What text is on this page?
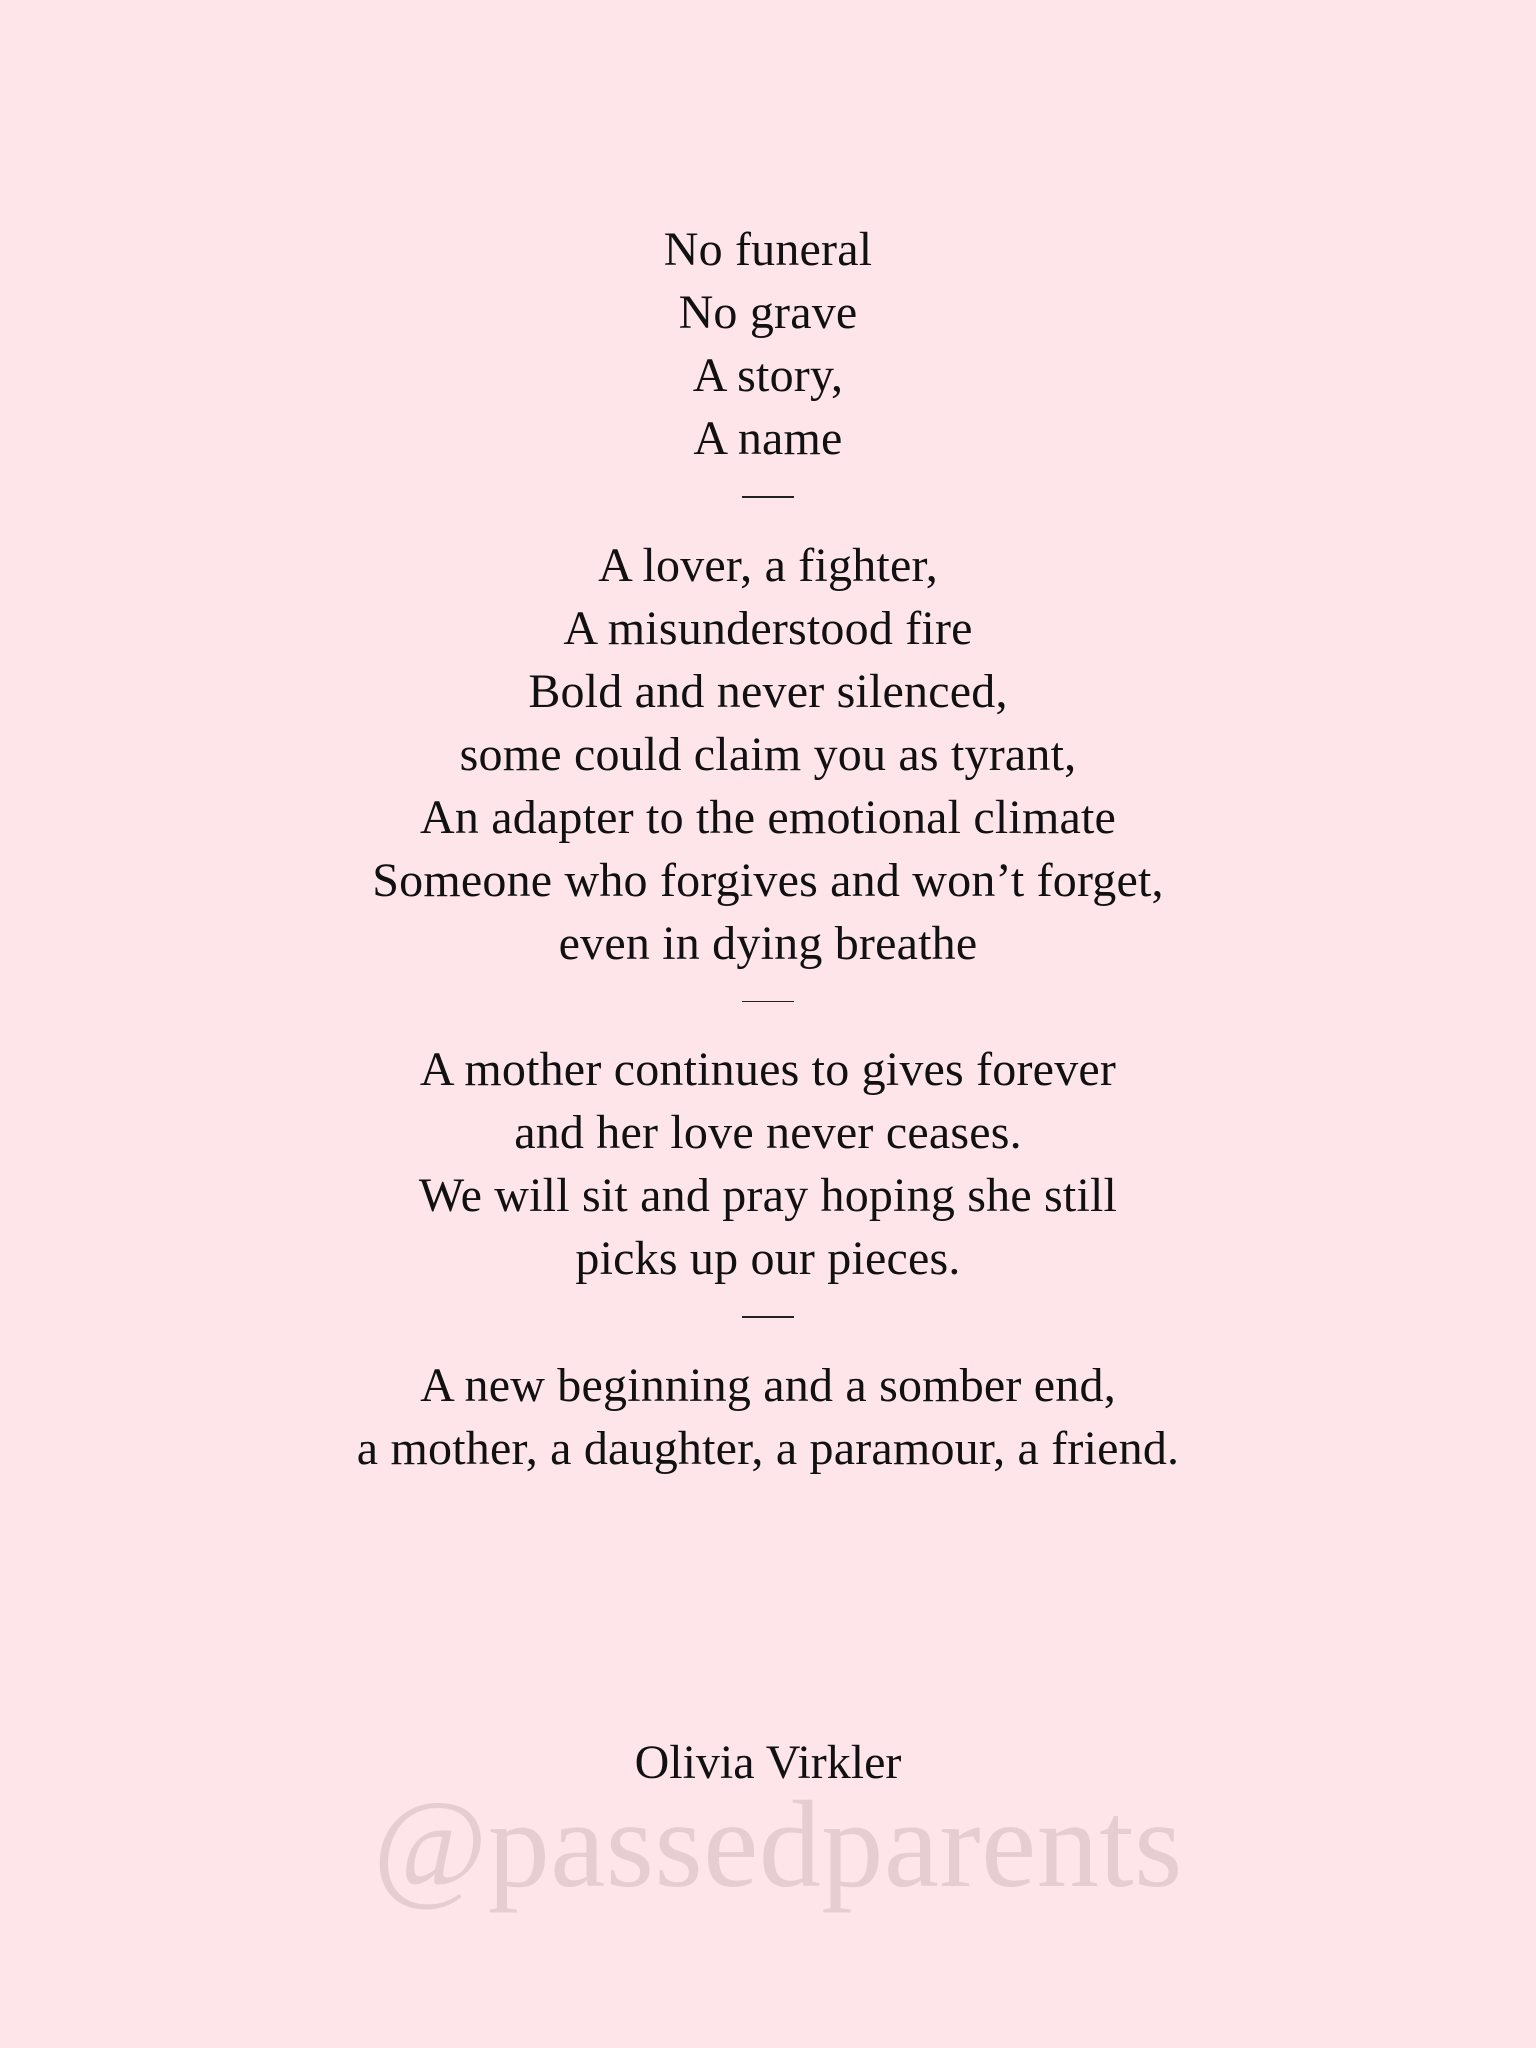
No funeral
No grave
A story,
A name
A lover, a fighter,
A misunderstood fire
Bold and never silenced,
some could claim you as tyrant,
An adapter to the emotional climate
Someone who forgives and won’t forget,
even in dying breathe
A mother continues to gives forever
and her love never ceases.
We will sit and pray hoping she still
picks up our pieces.
A new beginning and a somber end,
a mother, a daughter, a paramour, a friend.
Olivia Virkler
@passedparents
